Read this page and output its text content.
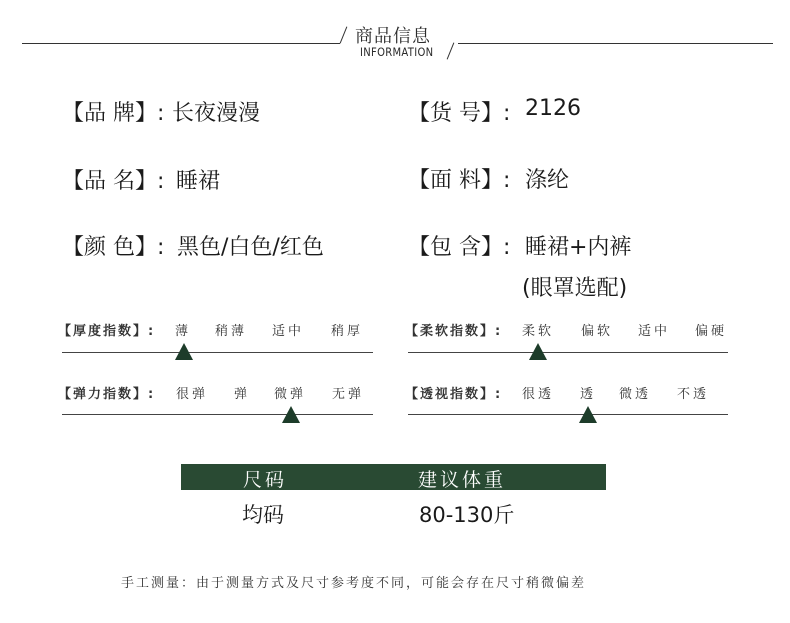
商品信息
INFORMATION
【品 牌】: 长夜漫漫	【货 号】: 2126
【品 名】: 睡裙	【面 料】: 涤纶
【颜 色】: 黑色/白色/红色	【包 含】: 睡裙+内裤
(眼罩选配)
【厚度指数】: 薄 稍薄 适中 稍厚	【柔软指数】: 柔软 偏软 适中 偏硬
【弹力指数】: 很弹 弹 微弹 无弹	【透视指数】: 很透 透 微透 不透
尺码	建议体重
均码	80-130斤
手工测量：由于测量方式及尺寸参考度不同，可能会存在尺寸稍微偏差
